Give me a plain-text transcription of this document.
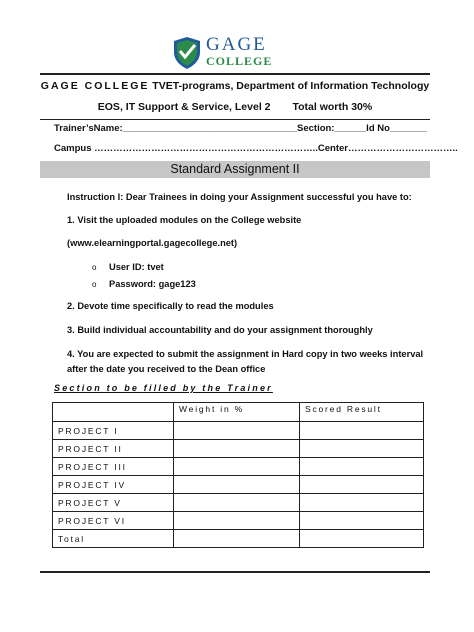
GAGE
COLLEGE
GAGE COLLEGE TVET-programs, Department of Information Technology
EOS, IT Support & Service, Level 2 Total worth 30%
Trainer’sName:_________________________________Section:______Id No_______
Campus ……………………………………………………………..Center……………………………..
Standard Assignment II
Instruction I: Dear Trainees in doing your Assignment successful you have to:
1. Visit the uploaded modules on the College website
(www.elearningportal.gagecollege.net)
o User ID: tvet
o Password: gage123
2. Devote time specifically to read the modules
3. Build individual accountability and do your assignment thoroughly
4. You are expected to submit the assignment in Hard copy in two weeks interval
after the date you received to the Dean office
Section to be filled by the Trainer
	Weight in %	Scored Result
PROJECT I		
PROJECT II		
PROJECT III		
PROJECT IV		
PROJECT V		
PROJECT VI		
Total		
